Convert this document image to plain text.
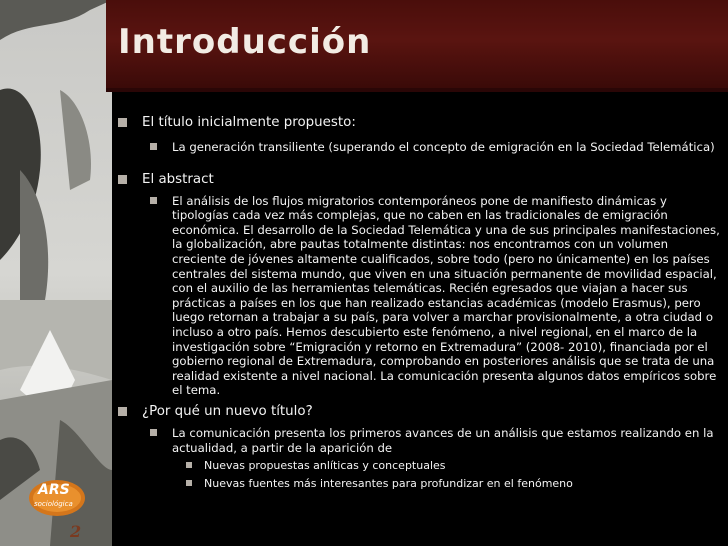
Introducción
El título inicialmente propuesto:
La generación transiliente (superando el concepto de emigración en la Sociedad Telemática)
El abstract
El análisis de los flujos migratorios contemporáneos pone de manifiesto dinámicas y tipologías cada vez más complejas, que no caben en las tradicionales de emigración económica. El desarrollo de la Sociedad Telemática y una de sus principales manifestaciones, la globalización, abre pautas totalmente distintas: nos encontramos con un volumen creciente de jóvenes altamente cualificados, sobre todo (pero no únicamente) en los países centrales del sistema mundo, que viven en una situación permanente de movilidad espacial, con el auxilio de las herramientas telemáticas. Recién egresados que viajan a hacer sus prácticas a países en los que han realizado estancias académicas (modelo Erasmus), pero luego retornan a trabajar a su país, para volver a marchar provisionalmente, a otra ciudad o incluso a otro país. Hemos descubierto este fenómeno, a nivel regional, en el marco de la investigación sobre “Emigración y retorno en Extremadura” (2008- 2010), financiada por el gobierno regional de Extremadura, comprobando en posteriores análisis que se trata de una realidad existente a nivel nacional. La comunicación presenta algunos datos empíricos sobre el tema.
¿Por qué un nuevo título?
La comunicación presenta los primeros avances de un análisis que estamos realizando en la actualidad, a partir de la aparición de
Nuevas propuestas anlíticas y conceptuales
Nuevas fuentes más interesantes para profundizar en el fenómeno
ARS
sociológica
2
